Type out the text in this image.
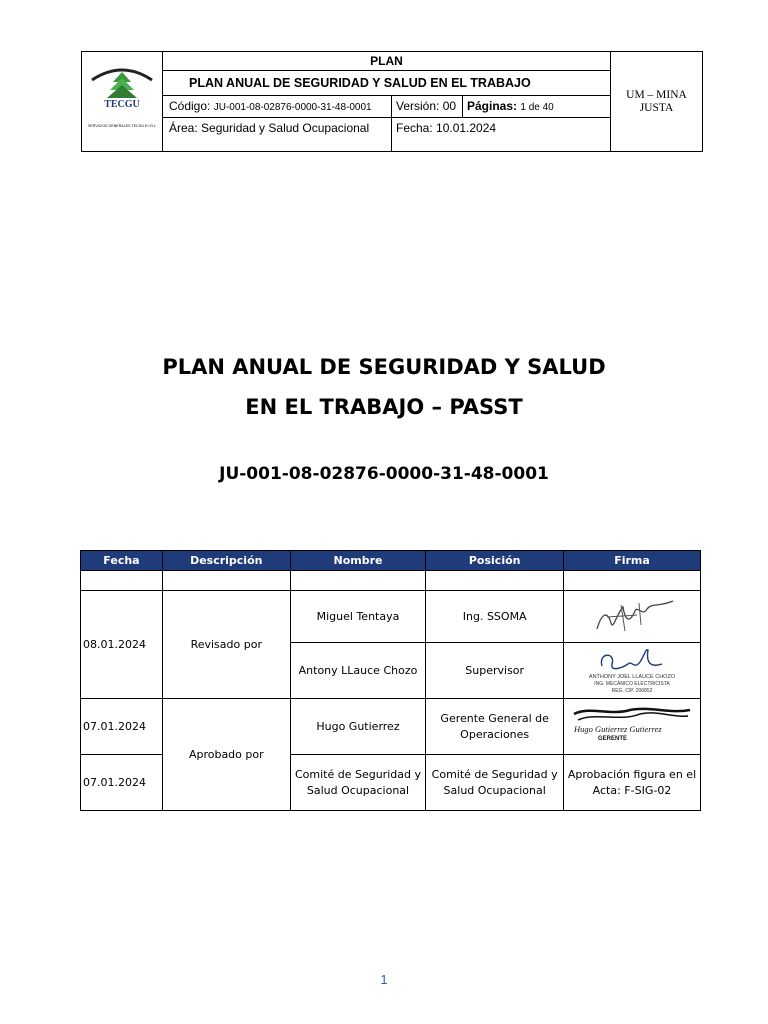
TECGU
SERVICIOS GENERALES TECGU E.I.R.L
PLAN
PLAN ANUAL DE SEGURIDAD Y SALUD EN EL TRABAJO
Código: JU-001-08-02876-0000-31-48-0001	Versión: 00 Páginas: 1 de 40
Área: Seguridad y Salud Ocupacional	Fecha: 10.01.2024
UM – MINA
JUSTA
PLAN ANUAL DE SEGURIDAD Y SALUD
EN EL TRABAJO – PASST
JU-001-08-02876-0000-31-48-0001
Fecha	Descripción	Nombre	Posición	Firma

08.01.2024	Revisado por	Miguel Tentaya	Ing. SSOMA	

		Antony LLauce Chozo	Supervisor	ANTHONY JOEL LLAUCE CHOZO
ING. MECÁNICO ELECTRICISTA
REG. CIP. 206852

07.01.2024	Aprobado por	Hugo Gutierrez	Gerente General de Operaciones	Hugo Gutierrez Gutierrez
GERENTE

07.01.2024		Comité de Seguridad y Salud Ocupacional	Comité de Seguridad y Salud Ocupacional	Aprobación figura en el Acta: F-SIG-02
1
